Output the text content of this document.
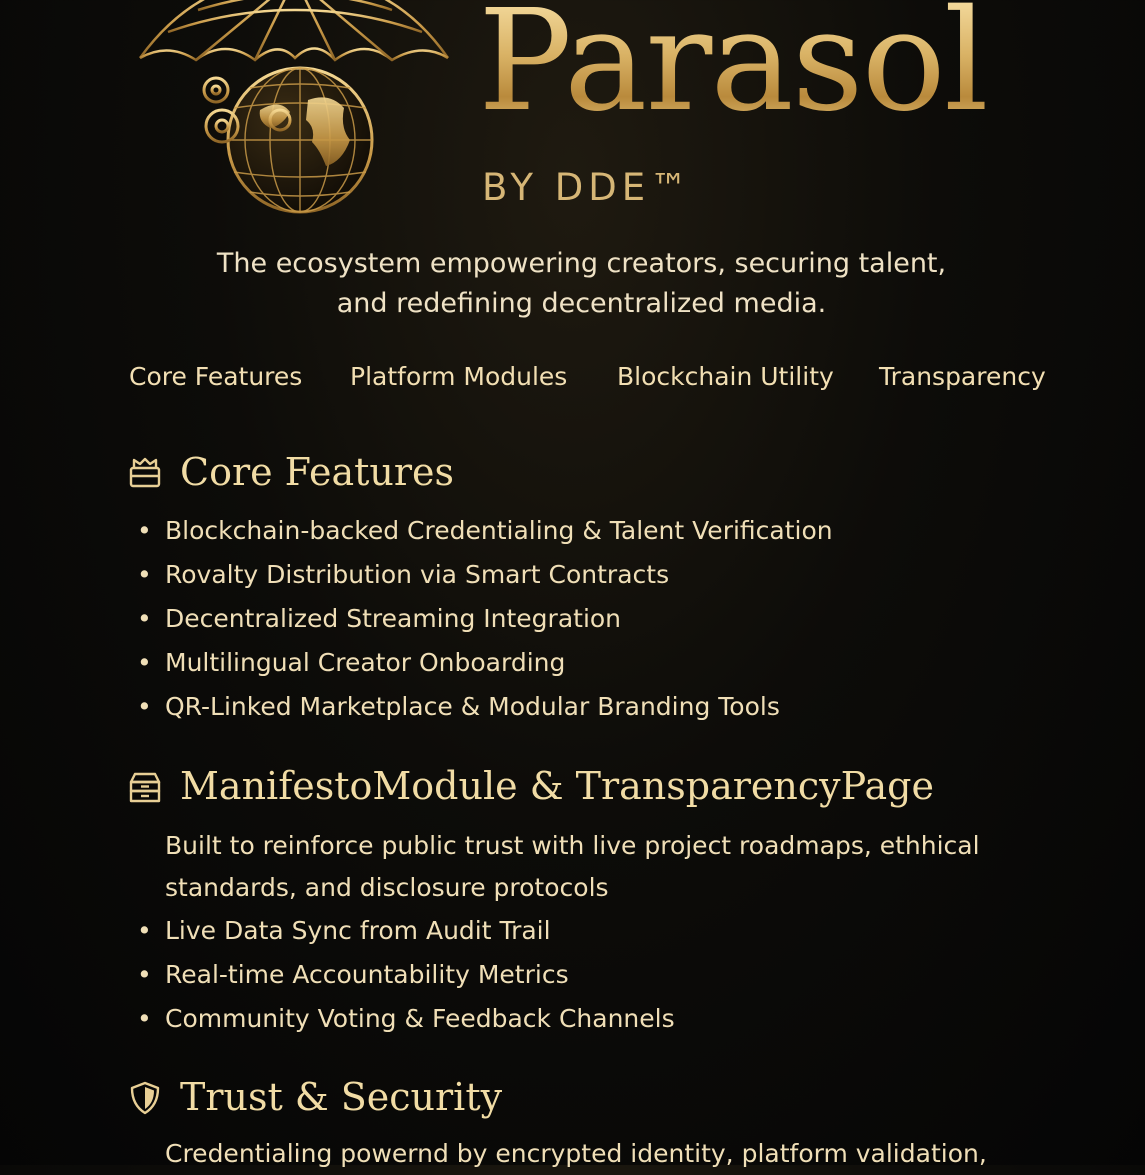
Parasol
BY DDE™
The ecosystem empowering creators, securing talent,
and redefining decentralized media.
Core Features Platform Modules Blockchain Utility Transparency
Core Features
• Blockchain-backed Credentialing & Talent Verification
• Rovalty Distribution via Smart Contracts
• Decentralized Streaming Integration
• Multilingual Creator Onboarding
• QR-Linked Marketplace & Modular Branding Tools
ManifestoModule & TransparencyPage

Built to reinforce public trust with live project roadmaps, ethhical standards, and disclosure protocols

• Live Data Sync from Audit Trail
• Real-time Accountability Metrics
• Community Voting & Feedback Channels
Trust & Security

Credentialing powernd by encrypted identity, platform validation,
